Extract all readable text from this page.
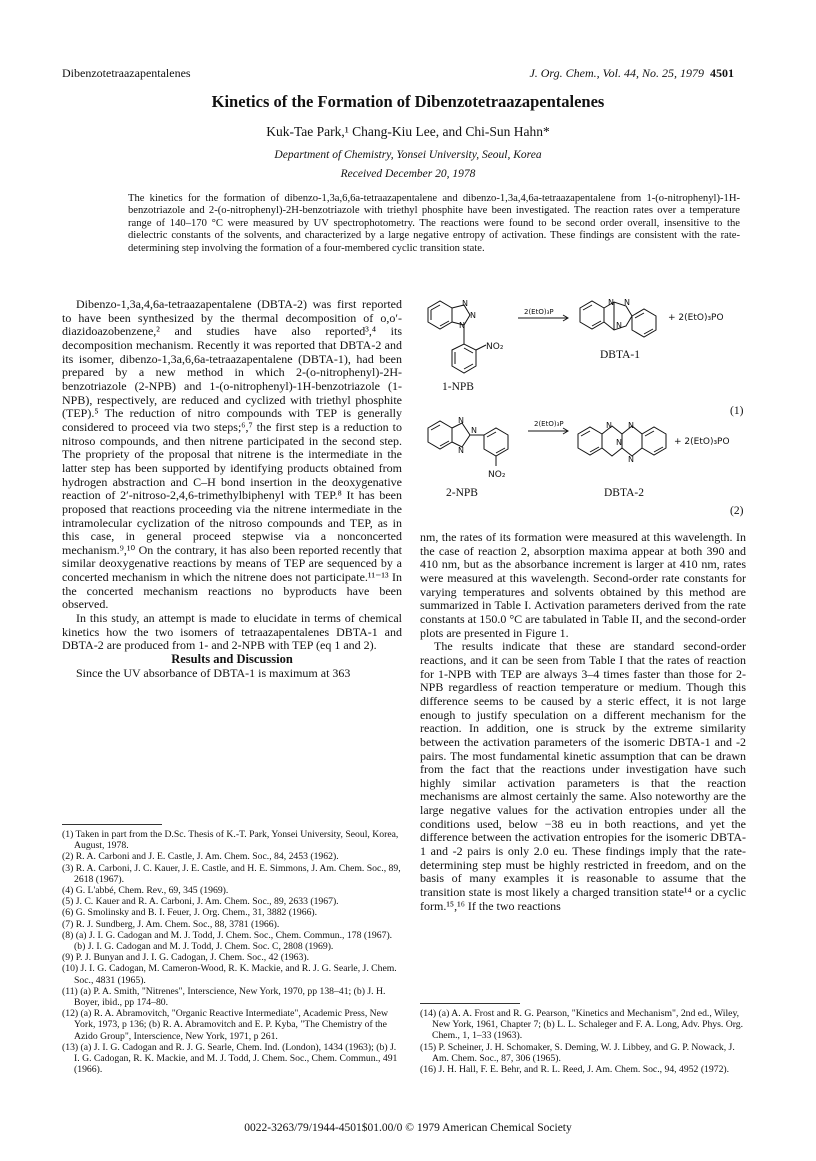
Dibenzotetraazapentalenes	J. Org. Chem., Vol. 44, No. 25, 1979 4501
Kinetics of the Formation of Dibenzotetraazapentalenes
Kuk-Tae Park,¹ Chang-Kiu Lee, and Chi-Sun Hahn*
Department of Chemistry, Yonsei University, Seoul, Korea
Received December 20, 1978
The kinetics for the formation of dibenzo-1,3a,6,6a-tetraazapentalene and dibenzo-1,3a,4,6a-tetraazapentalene from 1-(o-nitrophenyl)-1H-benzotriazole and 2-(o-nitrophenyl)-2H-benzotriazole with triethyl phosphite have been investigated. The reaction rates over a temperature range of 140–170 °C were measured by UV spectrophotometry. The reactions were found to be second order overall, insensitive to the dielectric constants of the solvents, and characterized by a large negative entropy of activation. These findings are consistent with the rate-determining step involving the formation of a four-membered cyclic transition state.

Dibenzo-1,3a,4,6a-tetraazapentalene (DBTA-2) was first reported to have been synthesized by the thermal decomposition of o,o′-diazidoazobenzene,² and studies have also reported³,⁴ its decomposition mechanism. Recently it was reported that DBTA-2 and its isomer, dibenzo-1,3a,6,6a-tetraazapentalene (DBTA-1), had been prepared by a new method in which 2-(o-nitrophenyl)-2H-benzotriazole (2-NPB) and 1-(o-nitrophenyl)-1H-benzotriazole (1-NPB), respectively, are reduced and cyclized with triethyl phosphite (TEP).⁵ The reduction of nitro compounds with TEP is generally considered to proceed via two steps;⁶,⁷ the first step is a reduction to nitroso compounds, and then nitrene participated in the second step. The propriety of the proposal that nitrene is the intermediate in the latter step has been supported by identifying products obtained from hydrogen abstraction and C–H bond insertion in the deoxygenative reaction of 2′-nitroso-2,4,6-trimethylbiphenyl with TEP.⁸ It has been proposed that reactions proceeding via the nitrene intermediate in the intramolecular cyclization of the nitroso compounds and TEP, as in this case, in general proceed stepwise via a nonconcerted mechanism.⁹,¹⁰ On the contrary, it has also been reported recently that similar deoxygenative reactions by means of TEP are sequenced by a concerted mechanism in which the nitrene does not participate.¹¹⁻¹³ In the concerted mechanism reactions no byproducts have been observed.

In this study, an attempt is made to elucidate in terms of chemical kinetics how the two isomers of tetraazapentalenes DBTA-1 and DBTA-2 are produced from 1- and 2-NPB with TEP (eq 1 and 2).

Results and Discussion

Since the UV absorbance of DBTA-1 is maximum at 363

N
N
N
NO₂
2(EtO)₃P
N N
N
+ 2(EtO)₃PO
DBTA-1
1-NPB
(1)
N
N
N
NO₂
2(EtO)₃P	N N
N
N
+ 2(EtO)₃PO
2-NPB	DBTA-2
(2)

nm, the rates of its formation were measured at this wavelength. In the case of reaction 2, absorption maxima appear at both 390 and 410 nm, but as the absorbance increment is larger at 410 nm, rates were measured at this wavelength. Second-order rate constants for varying temperatures and solvents obtained by this method are summarized in Table I. Activation parameters derived from the rate constants at 150.0 °C are tabulated in Table II, and the second-order plots are presented in Figure 1.

The results indicate that these are standard second-order reactions, and it can be seen from Table I that the rates of reaction for 1-NPB with TEP are always 3–4 times faster than those for 2-NPB regardless of reaction temperature or medium. Though this difference seems to be caused by a steric effect, it is not large enough to justify speculation on a different mechanism for the reaction. In addition, one is struck by the extreme similarity between the activation parameters of the isomeric DBTA-1 and -2 pairs. The most fundamental kinetic assumption that can be drawn from the fact that the reactions under investigation have such highly similar activation parameters is that the reaction mechanisms are almost certainly the same. Also noteworthy are the large negative values for the activation entropies under all the conditions used, below −38 eu in both reactions, and yet the difference between the activation entropies for the isomeric DBTA-1 and -2 pairs is only 2.0 eu. These findings imply that the rate-determining step must be highly restricted in freedom, and on the basis of many examples it is reasonable to assume that the transition state is most likely a charged transition state¹⁴ or a cyclic form.¹⁵,¹⁶ If the two reactions

(1) Taken in part from the D.Sc. Thesis of K.-T. Park, Yonsei University, Seoul, Korea, August, 1978.
(2) R. A. Carboni and J. E. Castle, J. Am. Chem. Soc., 84, 2453 (1962).
(3) R. A. Carboni, J. C. Kauer, J. E. Castle, and H. E. Simmons, J. Am. Chem. Soc., 89, 2618 (1967).
(4) G. L'abbé, Chem. Rev., 69, 345 (1969).
(5) J. C. Kauer and R. A. Carboni, J. Am. Chem. Soc., 89, 2633 (1967).
(6) G. Smolinsky and B. I. Feuer, J. Org. Chem., 31, 3882 (1966).
(7) R. J. Sundberg, J. Am. Chem. Soc., 88, 3781 (1966).
(8) (a) J. I. G. Cadogan and M. J. Todd, J. Chem. Soc., Chem. Commun., 178 (1967). (b) J. I. G. Cadogan and M. J. Todd, J. Chem. Soc. C, 2808 (1969).
(9) P. J. Bunyan and J. I. G. Cadogan, J. Chem. Soc., 42 (1963).
(10) J. I. G. Cadogan, M. Cameron-Wood, R. K. Mackie, and R. J. G. Searle, J. Chem. Soc., 4831 (1965).
(11) (a) P. A. Smith, "Nitrenes", Interscience, New York, 1970, pp 138–41; (b) J. H. Boyer, ibid., pp 174–80.
(12) (a) R. A. Abramovitch, "Organic Reactive Intermediate", Academic Press, New York, 1973, p 136; (b) R. A. Abramovitch and E. P. Kyba, "The Chemistry of the Azido Group", Interscience, New York, 1971, p 261.
(13) (a) J. I. G. Cadogan and R. J. G. Searle, Chem. Ind. (London), 1434 (1963); (b) J. I. G. Cadogan, R. K. Mackie, and M. J. Todd, J. Chem. Soc., Chem. Commun., 491 (1966).
(14) (a) A. A. Frost and R. G. Pearson, "Kinetics and Mechanism", 2nd ed., Wiley, New York, 1961, Chapter 7; (b) L. L. Schaleger and F. A. Long, Adv. Phys. Org. Chem., 1, 1–33 (1963).
(15) P. Scheiner, J. H. Schomaker, S. Deming, W. J. Libbey, and G. P. Nowack, J. Am. Chem. Soc., 87, 306 (1965).
(16) J. H. Hall, F. E. Behr, and R. L. Reed, J. Am. Chem. Soc., 94, 4952 (1972).
0022-3263/79/1944-4501$01.00/0 © 1979 American Chemical Society
